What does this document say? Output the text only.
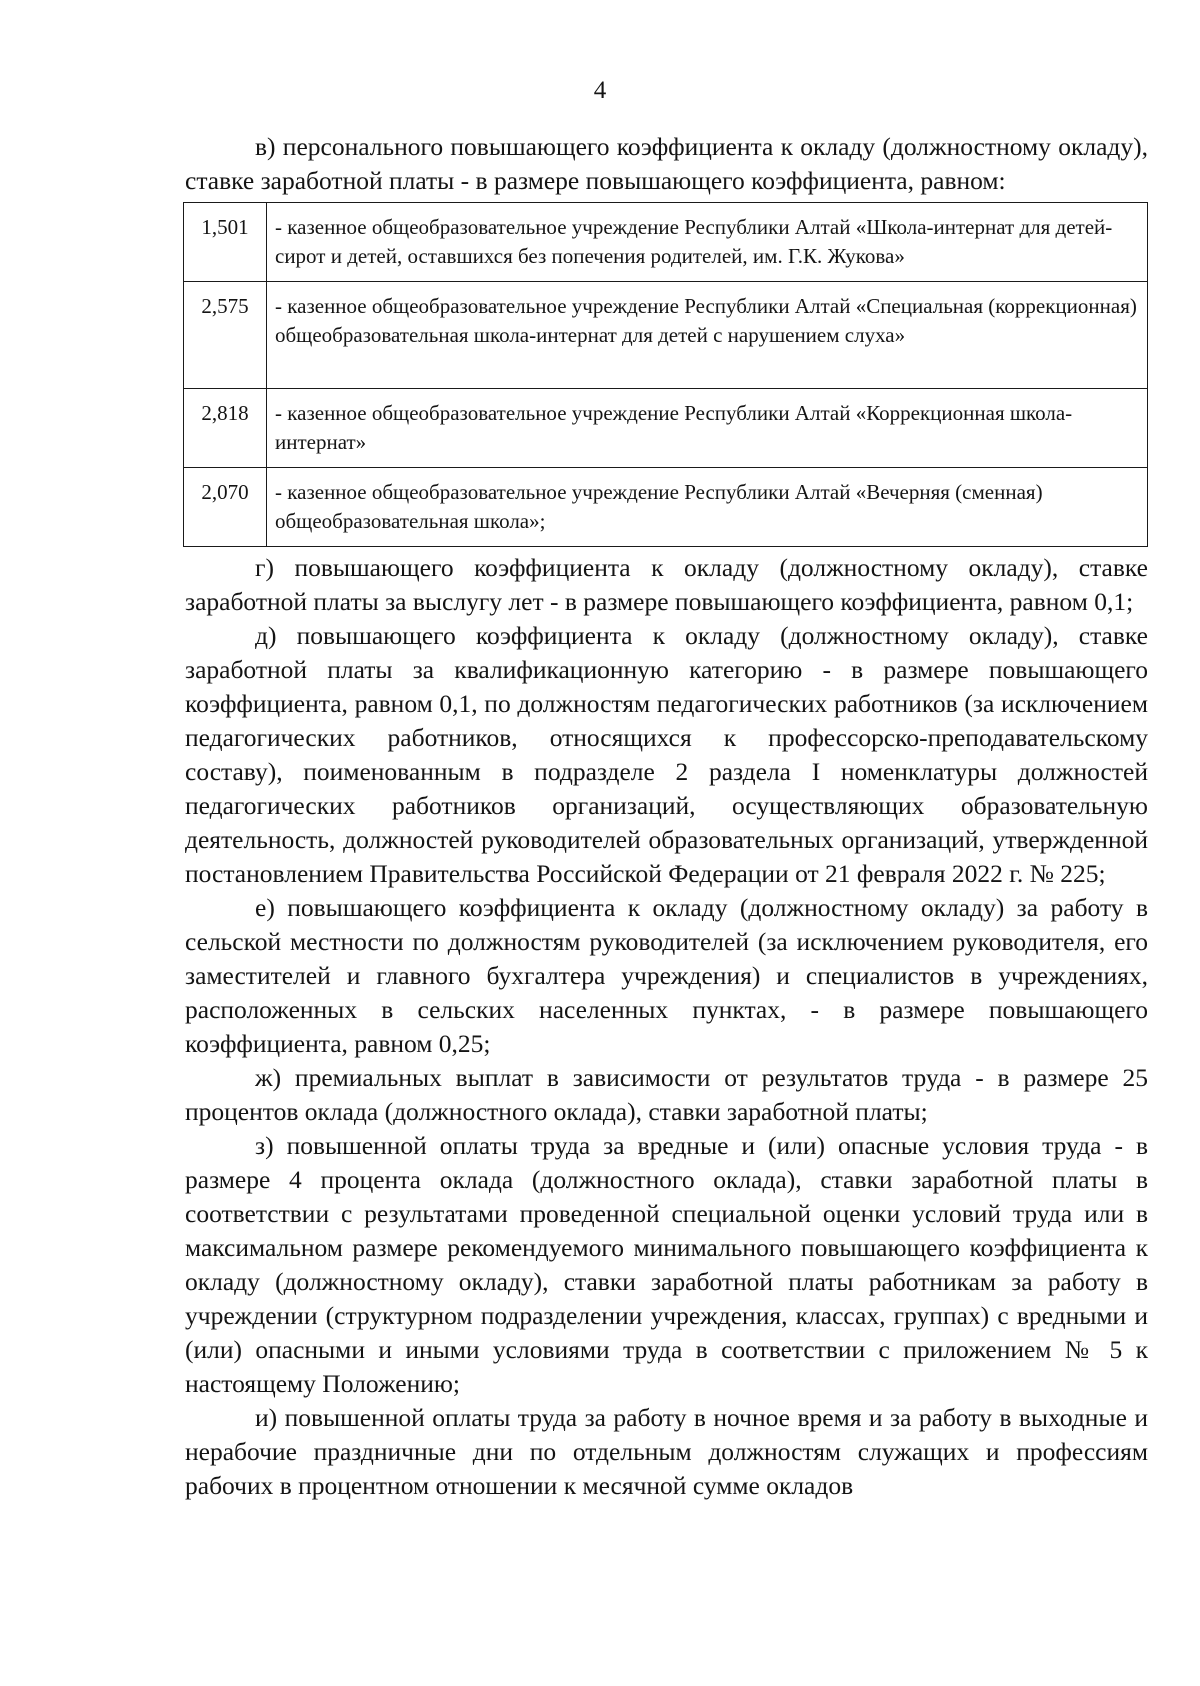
4

в) персонального повышающего коэффициента к окладу (должностному окладу), ставке заработной платы - в размере повышающего коэффициента, равном:

1,501	- казенное общеобразовательное учреждение Республики Алтай «Школа-интернат для детей-сирот и детей, оставшихся без попечения родителей, им. Г.К. Жукова»
2,575	- казенное общеобразовательное учреждение Республики Алтай «Специальная (коррекционная) общеобразовательная школа-интернат для детей с нарушением слуха»
2,818	- казенное общеобразовательное учреждение Республики Алтай «Коррекционная школа-интернат»
2,070	- казенное общеобразовательное учреждение Республики Алтай «Вечерняя (сменная) общеобразовательная школа»;

г) повышающего коэффициента к окладу (должностному окладу), ставке заработной платы за выслугу лет - в размере повышающего коэффициента, равном 0,1;

д) повышающего коэффициента к окладу (должностному окладу), ставке заработной платы за квалификационную категорию - в размере повышающего коэффициента, равном 0,1, по должностям педагогических работников (за исключением педагогических работников, относящихся к профессорско-преподавательскому составу), поименованным в подразделе 2 раздела I номенклатуры должностей педагогических работников организаций, осуществляющих образовательную деятельность, должностей руководителей образовательных организаций, утвержденной постановлением Правительства Российской Федерации от 21 февраля 2022 г. № 225;

е) повышающего коэффициента к окладу (должностному окладу) за работу в сельской местности по должностям руководителей (за исключением руководителя, его заместителей и главного бухгалтера учреждения) и специалистов в учреждениях, расположенных в сельских населенных пунктах, - в размере повышающего коэффициента, равном 0,25;

ж) премиальных выплат в зависимости от результатов труда - в размере 25 процентов оклада (должностного оклада), ставки заработной платы;

з) повышенной оплаты труда за вредные и (или) опасные условия труда - в размере 4 процента оклада (должностного оклада), ставки заработной платы в соответствии с результатами проведенной специальной оценки условий труда или в максимальном размере рекомендуемого минимального повышающего коэффициента к окладу (должностному окладу), ставки заработной платы работникам за работу в учреждении (структурном подразделении учреждения, классах, группах) с вредными и (или) опасными и иными условиями труда в соответствии с приложением № 5 к настоящему Положению;

и) повышенной оплаты труда за работу в ночное время и за работу в выходные и нерабочие праздничные дни по отдельным должностям служащих и профессиям рабочих в процентном отношении к месячной сумме окладов
